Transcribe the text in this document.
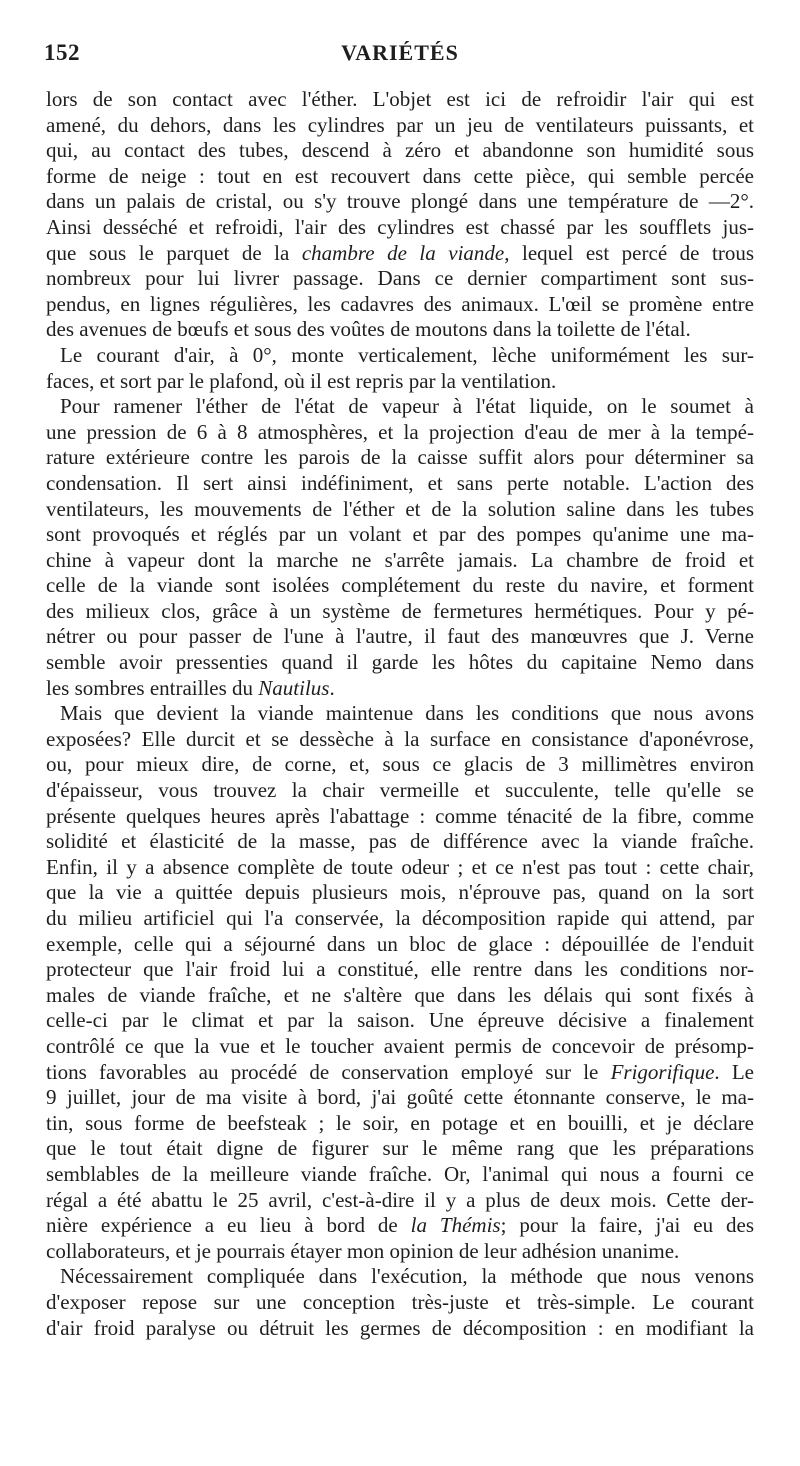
152	VARIÉTÉS
lors de son contact avec l'éther. L'objet est ici de refroidir l'air qui est
amené, du dehors, dans les cylindres par un jeu de ventilateurs puissants, et
qui, au contact des tubes, descend à zéro et abandonne son humidité sous
forme de neige : tout en est recouvert dans cette pièce, qui semble percée
dans un palais de cristal, ou s'y trouve plongé dans une température de —2°.
Ainsi desséché et refroidi, l'air des cylindres est chassé par les soufflets jus-
que sous le parquet de la chambre de la viande, lequel est percé de trous
nombreux pour lui livrer passage. Dans ce dernier compartiment sont sus-
pendus, en lignes régulières, les cadavres des animaux. L'œil se promène entre
des avenues de bœufs et sous des voûtes de moutons dans la toilette de l'étal.
Le courant d'air, à 0°, monte verticalement, lèche uniformément les sur-
faces, et sort par le plafond, où il est repris par la ventilation.
Pour ramener l'éther de l'état de vapeur à l'état liquide, on le soumet à
une pression de 6 à 8 atmosphères, et la projection d'eau de mer à la tempé-
rature extérieure contre les parois de la caisse suffit alors pour déterminer sa
condensation. Il sert ainsi indéfiniment, et sans perte notable. L'action des
ventilateurs, les mouvements de l'éther et de la solution saline dans les tubes
sont provoqués et réglés par un volant et par des pompes qu'anime une ma-
chine à vapeur dont la marche ne s'arrête jamais. La chambre de froid et
celle de la viande sont isolées complétement du reste du navire, et forment
des milieux clos, grâce à un système de fermetures hermétiques. Pour y pé-
nétrer ou pour passer de l'une à l'autre, il faut des manœuvres que J. Verne
semble avoir pressenties quand il garde les hôtes du capitaine Nemo dans
les sombres entrailles du Nautilus.
Mais que devient la viande maintenue dans les conditions que nous avons
exposées? Elle durcit et se dessèche à la surface en consistance d'aponévrose,
ou, pour mieux dire, de corne, et, sous ce glacis de 3 millimètres environ
d'épaisseur, vous trouvez la chair vermeille et succulente, telle qu'elle se
présente quelques heures après l'abattage : comme ténacité de la fibre, comme
solidité et élasticité de la masse, pas de différence avec la viande fraîche.
Enfin, il y a absence complète de toute odeur ; et ce n'est pas tout : cette chair,
que la vie a quittée depuis plusieurs mois, n'éprouve pas, quand on la sort
du milieu artificiel qui l'a conservée, la décomposition rapide qui attend, par
exemple, celle qui a séjourné dans un bloc de glace : dépouillée de l'enduit
protecteur que l'air froid lui a constitué, elle rentre dans les conditions nor-
males de viande fraîche, et ne s'altère que dans les délais qui sont fixés à
celle-ci par le climat et par la saison. Une épreuve décisive a finalement
contrôlé ce que la vue et le toucher avaient permis de concevoir de présomp-
tions favorables au procédé de conservation employé sur le Frigorifique. Le
9 juillet, jour de ma visite à bord, j'ai goûté cette étonnante conserve, le ma-
tin, sous forme de beefsteak ; le soir, en potage et en bouilli, et je déclare
que le tout était digne de figurer sur le même rang que les préparations
semblables de la meilleure viande fraîche. Or, l'animal qui nous a fourni ce
régal a été abattu le 25 avril, c'est-à-dire il y a plus de deux mois. Cette der-
nière expérience a eu lieu à bord de la Thémis; pour la faire, j'ai eu des
collaborateurs, et je pourrais étayer mon opinion de leur adhésion unanime.
Nécessairement compliquée dans l'exécution, la méthode que nous venons
d'exposer repose sur une conception très-juste et très-simple. Le courant
d'air froid paralyse ou détruit les germes de décomposition : en modifiant la
